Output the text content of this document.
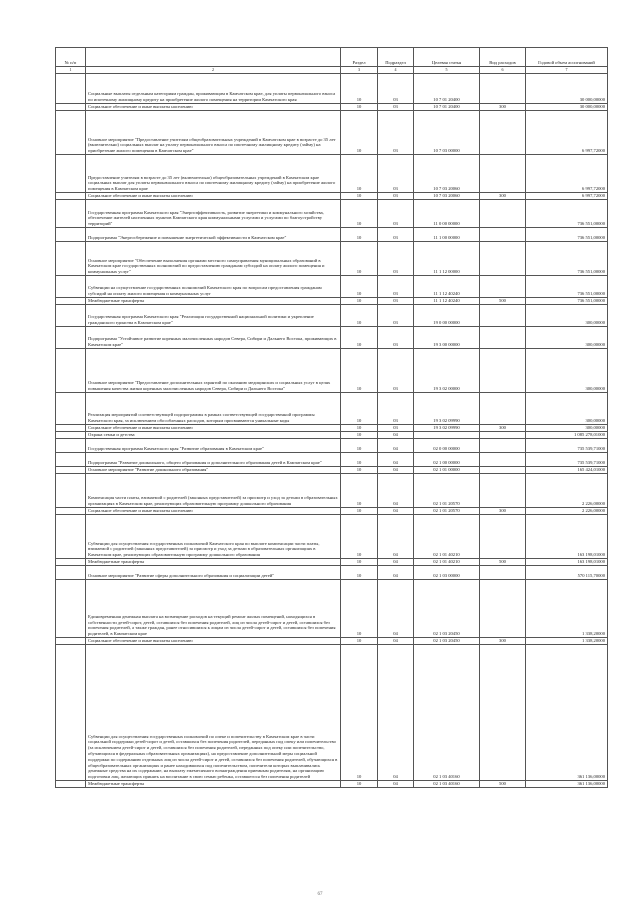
№ п/п		Раздел	Подраздел	Целевая статья	Вид расходов	Годовой объем ассигнований
1	2	3	4	5	6	7
	Социальные выплаты отдельным категориям граждан, проживающим в Камчатском крае, для уплаты первоначального взноса по ипотечному жилищному кредиту на приобретение жилого помещения на территории Камчатского края	10	03	10 7 01 20400		30 000,00000
	Социальное обеспечение и иные выплаты населению	10	03	10 7 01 20400	300	30 000,00000
	Основное мероприятие "Предоставление учителям общеобразовательных учреждений в Камчатском крае в возрасте до 35 лет (включительно) социальных выплат на уплату первоначального взноса по ипотечному жилищному кредиту (займу) на приобретение жилого помещения в Камчатском крае"	10	03	10 7 03 00000		6 997,72000
	Предоставление учителям в возрасте до 35 лет (включительно) общеобразовательных учреждений в Камчатском крае социальных выплат для уплаты первоначального взноса по ипотечному жилищному кредиту (займу) на приобретение жилого помещения в Камчатском крае	10	03	10 7 03 20060		6 997,72000
	Социальное обеспечение и иные выплаты населению	10	03	10 7 03 20060	300	6 997,72000
	Государственная программа Камчатского края "Энергоэффективность, развитие энергетики и коммунального хозяйства, обеспечение жителей населенных пунктов Камчатского края коммунальными услугами и услугами по благоустройству территорий"	10	03	11 0 00 00000		736 551,00000
	Подпрограмма "Энергосбережение и повышение энергетической эффективности в Камчатском крае"	10	03	11 1 00 00000		736 551,00000
	Основное мероприятие "Обеспечение выполнения органами местного самоуправления муниципальных образований в Камчатском крае государственных полномочий по предоставлению гражданам субсидий на оплату жилого помещения и коммунальных услуг"	10	03	11 1 12 00000		736 551,00000
	Субвенции на осуществление государственных полномочий Камчатского края по вопросам предоставления гражданам субсидий на оплату жилого помещения и коммунальных услуг	10	03	11 1 12 40240		736 551,00000
	Межбюджетные трансферты	10	03	11 1 12 40240	500	736 551,00000
	Государственная программа Камчатского края "Реализация государственной национальной политики и укрепление гражданского единства в Камчатском крае"	10	03	19 0 00 00000		300,00000
	Подпрограмма "Устойчивое развитие коренных малочисленных народов Севера, Сибири и Дальнего Востока, проживающих в Камчатском крае"	10	03	19 3 00 00000		300,00000
	Основное мероприятие "Предоставление дополнительных гарантий по оказанию медицинских и социальных услуг в целях повышения качества жизни коренных малочисленных народов Севера, Сибири и Дальнего Востока"	10	03	19 3 02 00000		300,00000
	Реализация мероприятий соответствующей подпрограммы в рамках соответствующей государственной программы Камчатского края, за исключением обособленных расходов, которым присваиваются уникальные коды	10	03	19 3 02 09990		300,00000
	Социальное обеспечение и иные выплаты населению	10	03	19 3 02 09990	300	300,00000
	Охрана семьи и детства	10	04			1 085 278,01000
	Государственная программа Камчатского края "Развитие образования в Камчатском крае"	10	04	02 0 00 00000		735 539,71000
	Подпрограмма "Развитие дошкольного, общего образования и дополнительного образования детей в Камчатском крае"	10	04	02 1 00 00000		735 539,71000
	Основное мероприятие "Развитие дошкольного образования"	10	04	02 1 01 00000		165 424,01000
	Компенсация части платы, взимаемой с родителей (законных представителей) за присмотр и уход за детьми в образовательных организациях в Камчатском крае, реализующих образовательную программу дошкольного образования	10	04	02 1 01 20570		2 226,00000
	Социальное обеспечение и иные выплаты населению	10	04	02 1 01 20570	300	2 226,00000
	Субвенции для осуществления государственных полномочий Камчатского края по выплате компенсации части платы, взимаемой с родителей (законных представителей) за присмотр и уход за детьми в образовательных организациях в Камчатском крае, реализующих образовательную программу дошкольного образования	10	04	02 1 01 40210		163 198,01000
	Межбюджетные трансферты	10	04	02 1 01 40210	500	163 198,01000
	Основное мероприятие "Развитие сферы дополнительного образования и социализации детей"	10	04	02 1 03 00000		570 115,70000
	Единовременная денежная выплата на возмещение расходов на текущий ремонт жилых помещений, находящихся в собственности детей-сирот, детей, оставшихся без попечения родителей, лиц из числа детей-сирот и детей, оставшихся без попечения родителей, а также граждан, ранее относившихся к лицам из числа детей-сирот и детей, оставшихся без попечения родителей, в Камчатском крае	10	04	02 1 03 20450		1 338,20000
	Социальное обеспечение и иные выплаты населению	10	04	02 1 03 20450	300	1 338,20000
	Субвенции для осуществления государственных полномочий по опеке и попечительству в Камчатском крае в части социальной поддержки детей-сирот и детей, оставшихся без попечения родителей, переданных под опеку или попечительство (за исключением детей-сирот и детей, оставшихся без попечения родителей, переданных под опеку или попечительство, обучающихся в федеральных образовательных организациях), на предоставление дополнительной меры социальной поддержки по содержанию отдельных лиц из числа детей-сирот и детей, оставшихся без попечения родителей, обучающихся в общеобразовательных организациях и ранее находившихся под попечительством, попечители которых выплачивались денежные средства на их содержание, на выплату ежемесячного вознаграждения приемным родителям, на организацию подготовки лиц, желающих принять на воспитание в свою семью ребенка, оставшегося без попечения родителей	10	04	02 1 03 40160		361 136,00000
	Межбюджетные трансферты	10	04	02 1 03 40160	500	361 136,00000
67
